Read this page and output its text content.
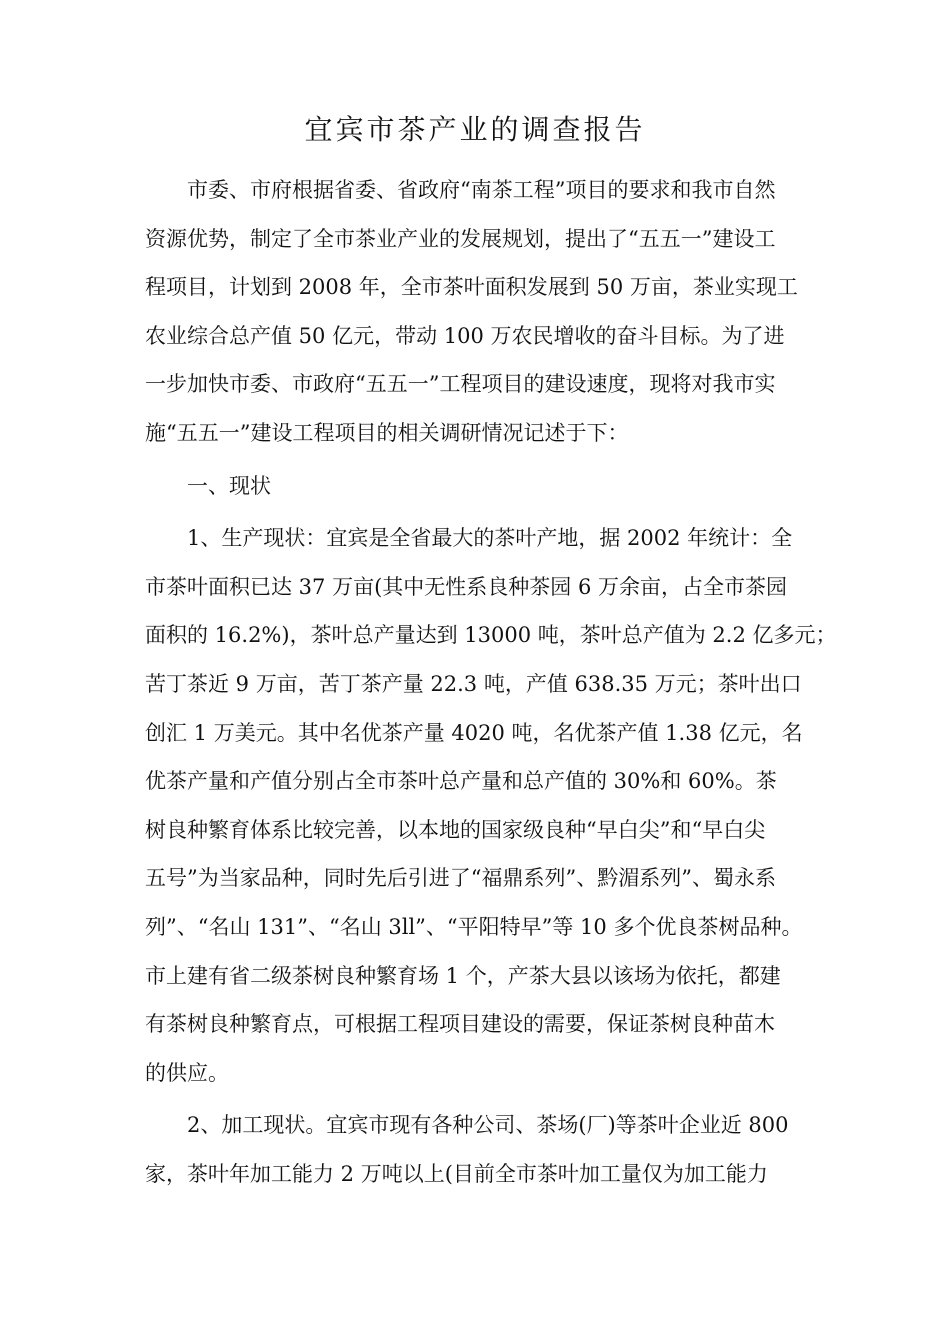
宜宾市茶产业的调查报告

市委、市府根据省委、省政府“南茶工程”项目的要求和我市自然

资源优势，制定了全市茶业产业的发展规划，提出了“五五一”建设工

程项目，计划到 2008 年，全市茶叶面积发展到 50 万亩，茶业实现工

农业综合总产值 50 亿元，带动 100 万农民增收的奋斗目标。为了进

一步加快市委、市政府“五五一”工程项目的建设速度，现将对我市实

施“五五一”建设工程项目的相关调研情况记述于下：

一、现状

1、生产现状：宜宾是全省最大的茶叶产地，据 2002 年统计：全

市茶叶面积已达 37 万亩(其中无性系良种茶园 6 万余亩，占全市茶园

面积的 16.2%)，茶叶总产量达到 13000 吨，茶叶总产值为 2.2 亿多元；

苦丁茶近 9 万亩，苦丁茶产量 22.3 吨，产值 638.35 万元；茶叶出口

创汇 1 万美元。其中名优茶产量 4020 吨，名优茶产值 1.38 亿元，名

优茶产量和产值分别占全市茶叶总产量和总产值的 30%和 60%。茶

树良种繁育体系比较完善，以本地的国家级良种“早白尖”和“早白尖

五号”为当家品种，同时先后引进了“福鼎系列”、黔湄系列”、蜀永系

列”、“名山 131”、“名山 3ll”、“平阳特早”等 10 多个优良茶树品种。

市上建有省二级茶树良种繁育场 1 个，产茶大县以该场为依托，都建

有茶树良种繁育点，可根据工程项目建设的需要，保证茶树良种苗木

的供应。

2、加工现状。宜宾市现有各种公司、茶场(厂)等茶叶企业近 800

家，茶叶年加工能力 2 万吨以上(目前全市茶叶加工量仅为加工能力
